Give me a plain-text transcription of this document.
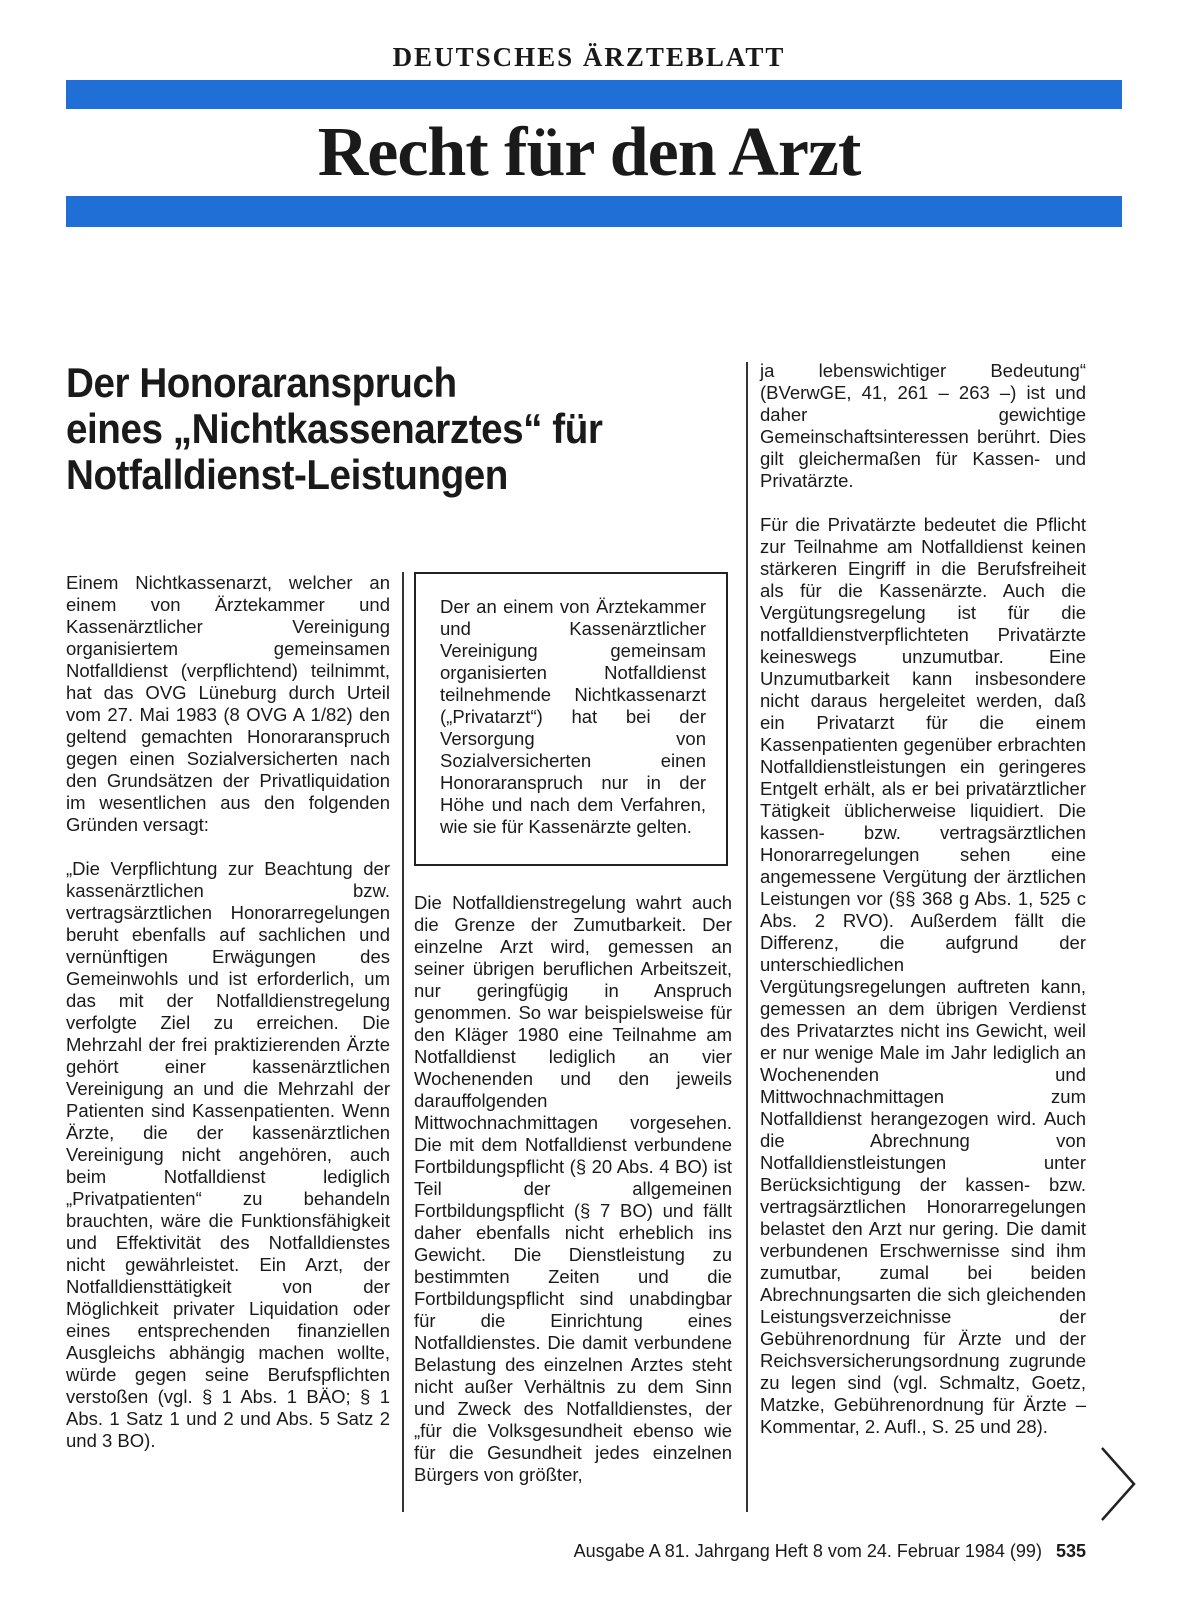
DEUTSCHES ÄRZTEBLATT
Recht für den Arzt
Der Honoraranspruch
eines „Nichtkassenarztes“ für
Notfalldienst-Leistungen

Einem Nichtkassenarzt, welcher an einem von Ärztekammer und Kassenärztlicher Vereinigung organisiertem gemeinsamen Notfalldienst (verpflichtend) teilnimmt, hat das OVG Lüneburg durch Urteil vom 27. Mai 1983 (8 OVG A 1/82) den geltend gemachten Honoraranspruch gegen einen Sozialversicherten nach den Grundsätzen der Privatliquidation im wesentlichen aus den folgenden Gründen versagt:

„Die Verpflichtung zur Beachtung der kassenärztlichen bzw. vertragsärztlichen Honorarregelungen beruht ebenfalls auf sachlichen und vernünftigen Erwägungen des Gemeinwohls und ist erforderlich, um das mit der Notfalldienstregelung verfolgte Ziel zu erreichen. Die Mehrzahl der frei praktizierenden Ärzte gehört einer kassenärztlichen Vereinigung an und die Mehrzahl der Patienten sind Kassenpatienten. Wenn Ärzte, die der kassenärztlichen Vereinigung nicht angehören, auch beim Notfalldienst lediglich „Privatpatienten“ zu behandeln brauchten, wäre die Funktionsfähigkeit und Effektivität des Notfalldienstes nicht gewährleistet. Ein Arzt, der Notfalldiensttätigkeit von der Möglichkeit privater Liquidation oder eines entsprechenden finanziellen Ausgleichs abhängig machen wollte, würde gegen seine Berufspflichten verstoßen (vgl. § 1 Abs. 1 BÄO; § 1 Abs. 1 Satz 1 und 2 und Abs. 5 Satz 2 und 3 BO).

Der an einem von Ärztekammer und Kassenärztlicher Vereinigung gemeinsam organisierten Notfalldienst teilnehmende Nichtkassenarzt („Privatarzt“) hat bei der Versorgung von Sozialversicherten einen Honoraranspruch nur in der Höhe und nach dem Verfahren, wie sie für Kassenärzte gelten.

Die Notfalldienstregelung wahrt auch die Grenze der Zumutbarkeit. Der einzelne Arzt wird, gemessen an seiner übrigen beruflichen Arbeitszeit, nur geringfügig in Anspruch genommen. So war beispielsweise für den Kläger 1980 eine Teilnahme am Notfalldienst lediglich an vier Wochenenden und den jeweils darauffolgenden Mittwochnachmittagen vorgesehen. Die mit dem Notfalldienst verbundene Fortbildungspflicht (§ 20 Abs. 4 BO) ist Teil der allgemeinen Fortbildungspflicht (§ 7 BO) und fällt daher ebenfalls nicht erheblich ins Gewicht. Die Dienstleistung zu bestimmten Zeiten und die Fortbildungspflicht sind unabdingbar für die Einrichtung eines Notfalldienstes. Die damit verbundene Belastung des einzelnen Arztes steht nicht außer Verhältnis zu dem Sinn und Zweck des Notfalldienstes, der „für die Volksgesundheit ebenso wie für die Gesundheit jedes einzelnen Bürgers von größter,

ja lebenswichtiger Bedeutung“ (BVerwGE, 41, 261 – 263 –) ist und daher gewichtige Gemeinschaftsinteressen berührt. Dies gilt gleichermaßen für Kassen- und Privatärzte.

Für die Privatärzte bedeutet die Pflicht zur Teilnahme am Notfalldienst keinen stärkeren Eingriff in die Berufsfreiheit als für die Kassenärzte. Auch die Vergütungsregelung ist für die notfalldienstverpflichteten Privatärzte keineswegs unzumutbar. Eine Unzumutbarkeit kann insbesondere nicht daraus hergeleitet werden, daß ein Privatarzt für die einem Kassenpatienten gegenüber erbrachten Notfalldienstleistungen ein geringeres Entgelt erhält, als er bei privatärztlicher Tätigkeit üblicherweise liquidiert. Die kassen- bzw. vertragsärztlichen Honorarregelungen sehen eine angemessene Vergütung der ärztlichen Leistungen vor (§§ 368 g Abs. 1, 525 c Abs. 2 RVO). Außerdem fällt die Differenz, die aufgrund der unterschiedlichen Vergütungsregelungen auftreten kann, gemessen an dem übrigen Verdienst des Privatarztes nicht ins Gewicht, weil er nur wenige Male im Jahr lediglich an Wochenenden und Mittwochnachmittagen zum Notfalldienst herangezogen wird. Auch die Abrechnung von Notfalldienstleistungen unter Berücksichtigung der kassen- bzw. vertragsärztlichen Honorarregelungen belastet den Arzt nur gering. Die damit verbundenen Erschwernisse sind ihm zumutbar, zumal bei beiden Abrechnungsarten die sich gleichenden Leistungsverzeichnisse der Gebührenordnung für Ärzte und der Reichsversicherungsordnung zugrunde zu legen sind (vgl. Schmaltz, Goetz, Matzke, Gebührenordnung für Ärzte – Kommentar, 2. Aufl., S. 25 und 28).

Ausgabe A 81. Jahrgang Heft 8 vom 24. Februar 1984 (99) 535
